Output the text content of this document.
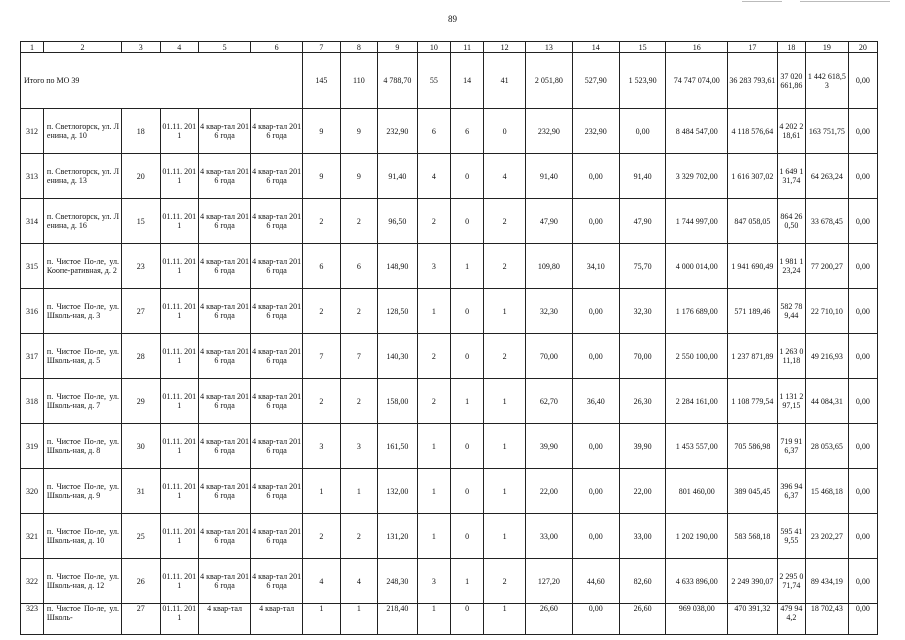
89
1	2	3	4	5	6	7	8	9	10	11	12	13	14	15	16	17	18	19	20
Итого по МО 39						145	110	4 788,70	55	14	41	2 051,80	527,90	1 523,90	74 747 074,00	36 283 793,61	37 020 661,86	1 442 618,53	0,00
312	п. Светлогорск, ул. Ленина, д. 10	18	01.11. 2011	4 квар-тал 2016 года	4 квар-тал 2016 года	9	9	232,90	6	6	0	232,90	232,90	0,00	8 484 547,00	4 118 576,64	4 202 218,61	163 751,75	0,00
313	п. Светлогорск, ул. Ленина, д. 13	20	01.11. 2011	4 квар-тал 2016 года	4 квар-тал 2016 года	9	9	91,40	4	0	4	91,40	0,00	91,40	3 329 702,00	1 616 307,02	1 649 131,74	64 263,24	0,00
314	п. Светлогорск, ул. Ленина, д. 16	15	01.11. 2011	4 квар-тал 2016 года	4 квар-тал 2016 года	2	2	96,50	2	0	2	47,90	0,00	47,90	1 744 997,00	847 058,05	864 260,50	33 678,45	0,00
315	п. Чистое По-ле, ул. Коопе-ративная, д. 2	23	01.11. 2011	4 квар-тал 2016 года	4 квар-тал 2016 года	6	6	148,90	3	1	2	109,80	34,10	75,70	4 000 014,00	1 941 690,49	1 981 123,24	77 200,27	0,00
316	п. Чистое По-ле, ул. Школь-ная, д. 3	27	01.11. 2011	4 квар-тал 2016 года	4 квар-тал 2016 года	2	2	128,50	1	0	1	32,30	0,00	32,30	1 176 689,00	571 189,46	582 789,44	22 710,10	0,00
317	п. Чистое По-ле, ул. Школь-ная, д. 5	28	01.11. 2011	4 квар-тал 2016 года	4 квар-тал 2016 года	7	7	140,30	2	0	2	70,00	0,00	70,00	2 550 100,00	1 237 871,89	1 263 011,18	49 216,93	0,00
318	п. Чистое По-ле, ул. Школь-ная, д. 7	29	01.11. 2011	4 квар-тал 2016 года	4 квар-тал 2016 года	2	2	158,00	2	1	1	62,70	36,40	26,30	2 284 161,00	1 108 779,54	1 131 297,15	44 084,31	0,00
319	п. Чистое По-ле, ул. Школь-ная, д. 8	30	01.11. 2011	4 квар-тал 2016 года	4 квар-тал 2016 года	3	3	161,50	1	0	1	39,90	0,00	39,90	1 453 557,00	705 586,98	719 916,37	28 053,65	0,00
320	п. Чистое По-ле, ул. Школь-ная, д. 9	31	01.11. 2011	4 квар-тал 2016 года	4 квар-тал 2016 года	1	1	132,00	1	0	1	22,00	0,00	22,00	801 460,00	389 045,45	396 946,37	15 468,18	0,00
321	п. Чистое По-ле, ул. Школь-ная, д. 10	25	01.11. 2011	4 квар-тал 2016 года	4 квар-тал 2016 года	2	2	131,20	1	0	1	33,00	0,00	33,00	1 202 190,00	583 568,18	595 419,55	23 202,27	0,00
322	п. Чистое По-ле, ул. Школь-ная, д. 12	26	01.11. 2011	4 квар-тал 2016 года	4 квар-тал 2016 года	4	4	248,30	3	1	2	127,20	44,60	82,60	4 633 896,00	2 249 390,07	2 295 071,74	89 434,19	0,00
323	п. Чистое По-ле, ул. Школь-	27	01.11. 2011	4 квар-тал	4 квар-тал	1	1	218,40	1	0	1	26,60	0,00	26,60	969 038,00	470 391,32	479 944,2	18 702,43	0,00
